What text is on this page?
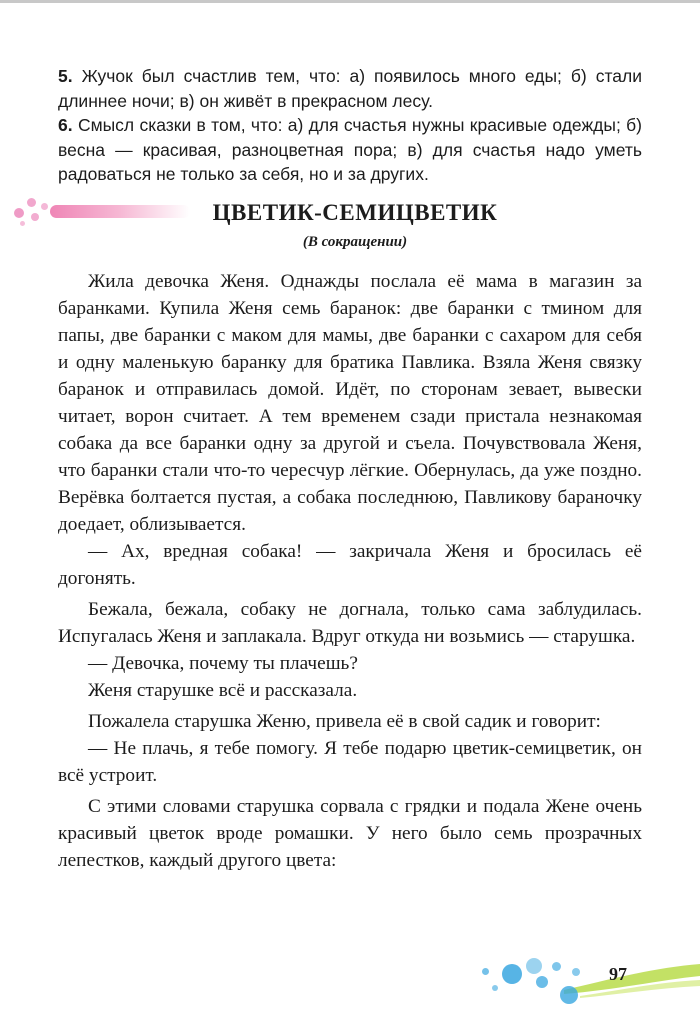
5. Жучок был счастлив тем, что: а) появилось много еды; б) стали длиннее ночи; в) он живёт в прекрасном лесу.

6. Смысл сказки в том, что: а) для счастья нужны красивые одежды; б) весна — красивая, разноцветная пора; в) для счастья надо уметь радоваться не только за себя, но и за других.

ЦВЕТИК-СЕМИЦВЕТИК
(В сокращении)

Жила девочка Женя. Однажды послала её мама в магазин за баранками. Купила Женя семь баранок: две баранки с тмином для папы, две баранки с маком для мамы, две баранки с сахаром для себя и одну маленькую баранку для братика Павлика. Взяла Женя связку баранок и отправилась домой. Идёт, по сторонам зевает, вывески читает, ворон считает. А тем временем сзади пристала незнакомая собака да все баранки одну за другой и съела. Почувствовала Женя, что баранки стали что-то чересчур лёгкие. Обернулась, да уже поздно. Верёвка болтается пустая, а собака последнюю, Павликову бараночку доедает, облизывается.

— Ах, вредная собака! — закричала Женя и бросилась её догонять.

Бежала, бежала, собаку не догнала, только сама заблудилась. Испугалась Женя и заплакала. Вдруг откуда ни возьмись — старушка.

— Девочка, почему ты плачешь?

Женя старушке всё и рассказала.

Пожалела старушка Женю, привела её в свой садик и говорит:

— Не плачь, я тебе помогу. Я тебе подарю цветик-семицветик, он всё устроит.

С этими словами старушка сорвала с грядки и подала Жене очень красивый цветок вроде ромашки. У него было семь прозрачных лепестков, каждый другого цвета:

97
